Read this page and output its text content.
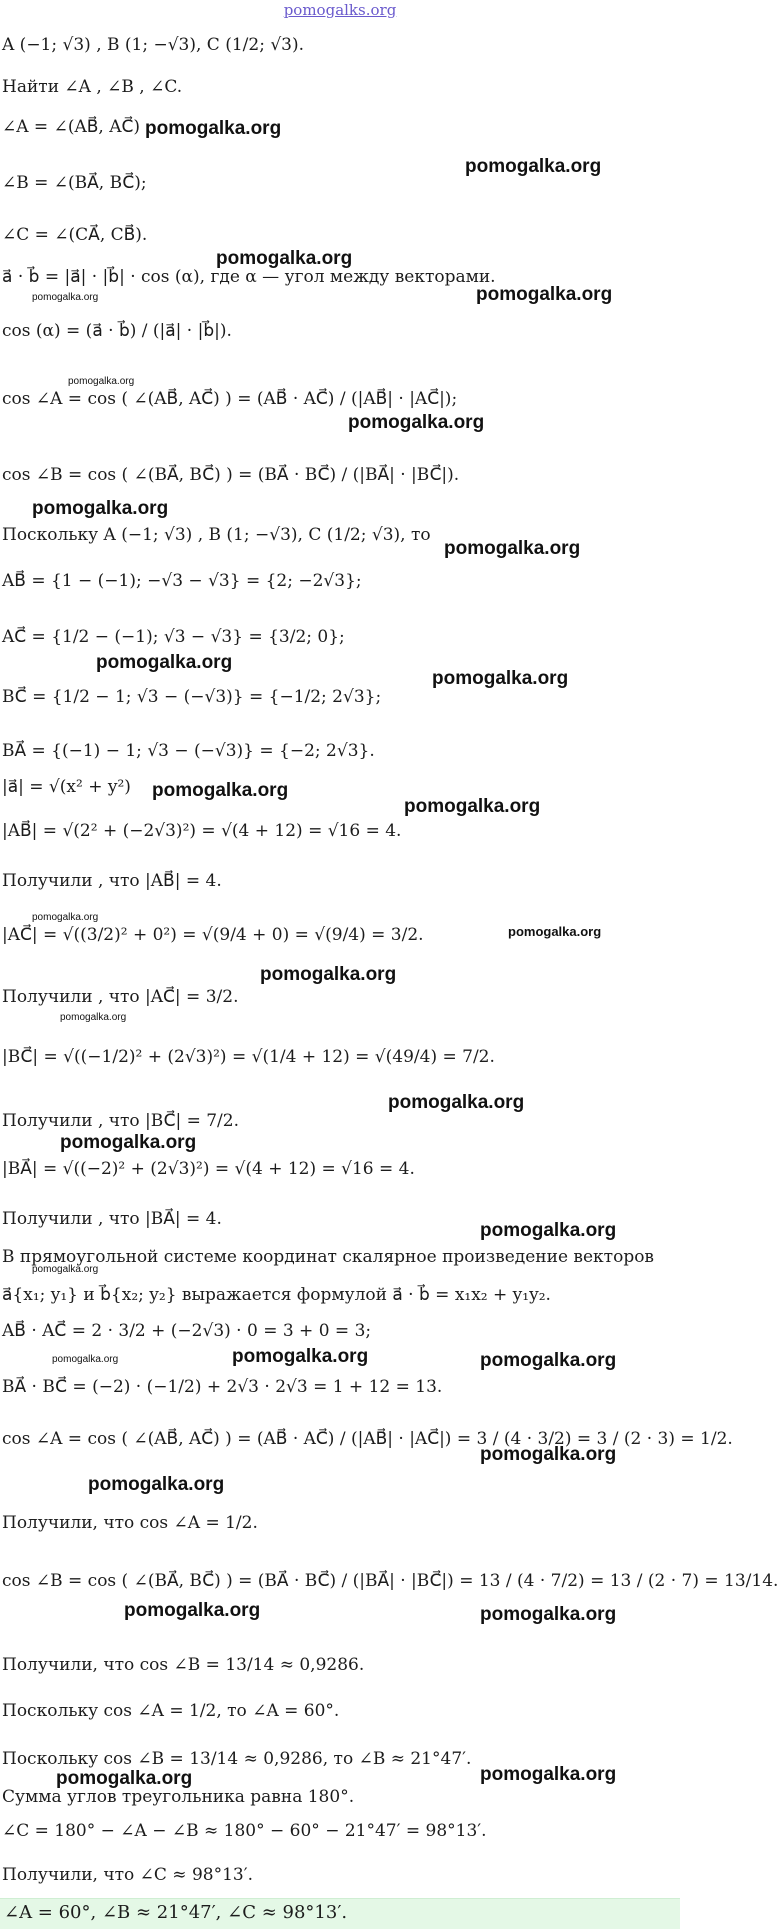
pomogalks.org
A (−1; √3) , B (1; −√3), C (1/2; √3).
Найти ∠A , ∠B , ∠C.
∠A = ∠(AB⃗, AC⃗)
∠B = ∠(BA⃗, BC⃗);
∠C = ∠(CA⃗, CB⃗).
a⃗ · b⃗ = |a⃗| · |b⃗| · cos (α), где α — угол между векторами.
cos (α) = (a⃗ · b⃗) / (|a⃗| · |b⃗|).
cos ∠A = cos ( ∠(AB⃗, AC⃗) ) = (AB⃗ · AC⃗) / (|AB⃗| · |AC⃗|);
cos ∠B = cos ( ∠(BA⃗, BC⃗) ) = (BA⃗ · BC⃗) / (|BA⃗| · |BC⃗|).
Поскольку A (−1; √3) , B (1; −√3), C (1/2; √3), то
AB⃗ = {1 − (−1); −√3 − √3} = {2; −2√3};
AC⃗ = {1/2 − (−1); √3 − √3} = {3/2; 0};
BC⃗ = {1/2 − 1; √3 − (−√3)} = {−1/2; 2√3};
BA⃗ = {(−1) − 1; √3 − (−√3)} = {−2; 2√3}.
|a⃗| = √(x² + y²)
|AB⃗| = √(2² + (−2√3)²) = √(4 + 12) = √16 = 4.
Получили , что |AB⃗| = 4.
|AC⃗| = √((3/2)² + 0²) = √(9/4 + 0) = √(9/4) = 3/2.
Получили , что |AC⃗| = 3/2.
|BC⃗| = √((−1/2)² + (2√3)²) = √(1/4 + 12) = √(49/4) = 7/2.
Получили , что |BC⃗| = 7/2.
|BA⃗| = √((−2)² + (2√3)²) = √(4 + 12) = √16 = 4.
Получили , что |BA⃗| = 4.
В прямоугольной системе координат скалярное произведение векторов
a⃗{x₁; y₁} и b⃗{x₂; y₂} выражается формулой a⃗ · b⃗ = x₁x₂ + y₁y₂.
AB⃗ · AC⃗ = 2 · 3/2 + (−2√3) · 0 = 3 + 0 = 3;
BA⃗ · BC⃗ = (−2) · (−1/2) + 2√3 · 2√3 = 1 + 12 = 13.
cos ∠A = cos ( ∠(AB⃗, AC⃗) ) = (AB⃗ · AC⃗) / (|AB⃗| · |AC⃗|) = 3 / (4 · 3/2) = 3 / (2 · 3) = 1/2.
Получили, что cos ∠A = 1/2.
cos ∠B = cos ( ∠(BA⃗, BC⃗) ) = (BA⃗ · BC⃗) / (|BA⃗| · |BC⃗|) = 13 / (4 · 7/2) = 13 / (2 · 7) = 13/14.
Получили, что cos ∠B = 13/14 ≈ 0,9286.
Поскольку cos ∠A = 1/2, то ∠A = 60°.
Поскольку cos ∠B = 13/14 ≈ 0,9286, то ∠B ≈ 21°47′.
Сумма углов треугольника равна 180°.
∠C = 180° − ∠A − ∠B ≈ 180° − 60° − 21°47′ = 98°13′.
Получили, что ∠C ≈ 98°13′.
∠A = 60°, ∠B ≈ 21°47′, ∠C ≈ 98°13′.
pomogalka.org
pomogalka.org
pomogalka.org
pomogalka.org
pomogalka.org
pomogalka.org
pomogalka.org
pomogalka.org
pomogalka.org
pomogalka.org
pomogalka.org
pomogalka.org
pomogalka.org
pomogalka.org
pomogalka.org
pomogalka.org
pomogalka.org
pomogalka.org
pomogalka.org
pomogalka.org
pomogalka.org
pomogalka.org	pomogalka.org	pomogalka.org
pomogalka.org
pomogalka.org
pomogalka.org	pomogalka.org
pomogalka.org	pomogalka.org
